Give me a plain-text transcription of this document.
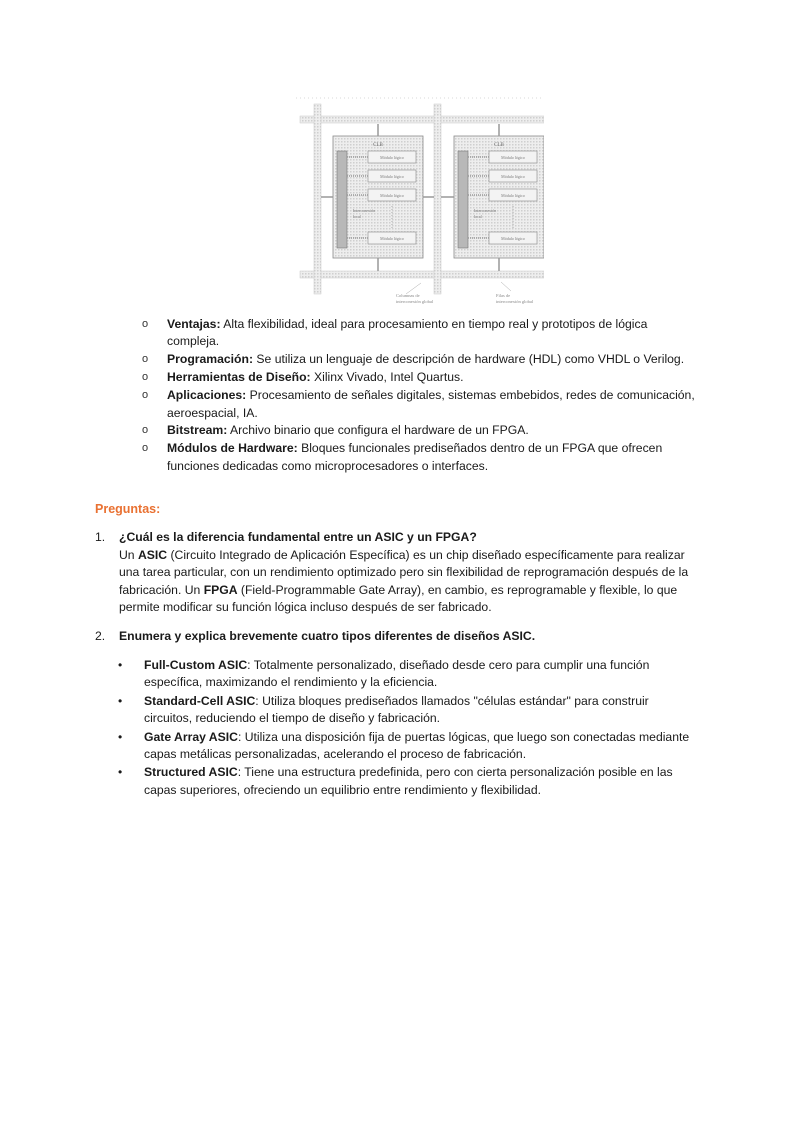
CLB
Módulo lógico
Módulo lógico
Módulo lógico
Módulo lógico
Interconexión
local
CLB
Módulo lógico
Módulo lógico
Módulo lógico
Módulo lógico
Interconexión
local
Columnas de
interconexión global
Filas de
interconexión global
o Ventajas: Alta flexibilidad, ideal para procesamiento en tiempo real y prototipos de lógica compleja.
o Programación: Se utiliza un lenguaje de descripción de hardware (HDL) como VHDL o Verilog.
o Herramientas de Diseño: Xilinx Vivado, Intel Quartus.
o Aplicaciones: Procesamiento de señales digitales, sistemas embebidos, redes de comunicación, aeroespacial, IA.
o Bitstream: Archivo binario que configura el hardware de un FPGA.
o Módulos de Hardware: Bloques funcionales prediseñados dentro de un FPGA que ofrecen funciones dedicadas como microprocesadores o interfaces.
Preguntas:
1. ¿Cuál es la diferencia fundamental entre un ASIC y un FPGA?
Un ASIC (Circuito Integrado de Aplicación Específica) es un chip diseñado específicamente para realizar una tarea particular, con un rendimiento optimizado pero sin flexibilidad de reprogramación después de la fabricación. Un FPGA (Field-Programmable Gate Array), en cambio, es reprogramable y flexible, lo que permite modificar su función lógica incluso después de ser fabricado.
2. Enumera y explica brevemente cuatro tipos diferentes de diseños ASIC.
• Full-Custom ASIC: Totalmente personalizado, diseñado desde cero para cumplir una función específica, maximizando el rendimiento y la eficiencia.
• Standard-Cell ASIC: Utiliza bloques prediseñados llamados "células estándar" para construir circuitos, reduciendo el tiempo de diseño y fabricación.
• Gate Array ASIC: Utiliza una disposición fija de puertas lógicas, que luego son conectadas mediante capas metálicas personalizadas, acelerando el proceso de fabricación.
• Structured ASIC: Tiene una estructura predefinida, pero con cierta personalización posible en las capas superiores, ofreciendo un equilibrio entre rendimiento y flexibilidad.
